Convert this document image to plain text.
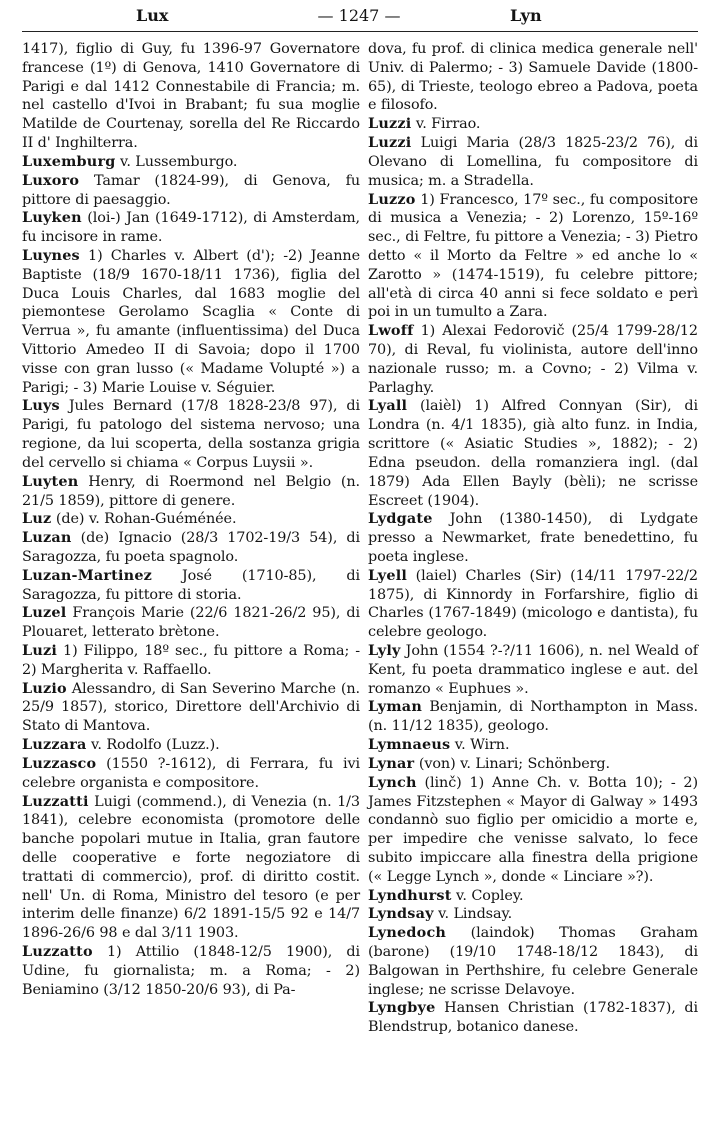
Lux	— 1247 —	Lyn

1417), figlio di Guy, fu 1396-97 Governatore francese (1º) di Genova, 1410 Governatore di Parigi e dal 1412 Connestabile di Francia; m. nel castello d'Ivoi in Brabant; fu sua moglie Matilde de Courtenay, sorella del Re Riccardo II d' Inghilterra.

Luxemburg v. Lussemburgo.

Luxoro Tamar (1824-99), di Genova, fu pittore di paesaggio.

Luyken (loi-) Jan (1649-1712), di Amsterdam, fu incisore in rame.

Luynes 1) Charles v. Albert (d'); -2) Jeanne Baptiste (18/9 1670-18/11 1736), figlia del Duca Louis Charles, dal 1683 moglie del piemontese Gerolamo Scaglia « Conte di Verrua », fu amante (influentissima) del Duca Vittorio Amedeo II di Savoia; dopo il 1700 visse con gran lusso (« Madame Volupté ») a Parigi; - 3) Marie Louise v. Séguier.

Luys Jules Bernard (17/8 1828-23/8 97), di Parigi, fu patologo del sistema nervoso; una regione, da lui scoperta, della sostanza grigia del cervello si chiama « Corpus Luysii ».

Luyten Henry, di Roermond nel Belgio (n. 21/5 1859), pittore di genere.

Luz (de) v. Rohan-Guéménée.

Luzan (de) Ignacio (28/3 1702-19/3 54), di Saragozza, fu poeta spagnolo.

Luzan-Martinez José (1710-85), di Saragozza, fu pittore di storia.

Luzel François Marie (22/6 1821-26/2 95), di Plouaret, letterato brètone.

Luzi 1) Filippo, 18º sec., fu pittore a Roma; - 2) Margherita v. Raffaello.

Luzio Alessandro, di San Severino Marche (n. 25/9 1857), storico, Direttore dell'Archivio di Stato di Mantova.

Luzzara v. Rodolfo (Luzz.).

Luzzasco (1550 ?-1612), di Ferrara, fu ivi celebre organista e compositore.

Luzzatti Luigi (commend.), di Venezia (n. 1/3 1841), celebre economista (promotore delle banche popolari mutue in Italia, gran fautore delle cooperative e forte negoziatore di trattati di commercio), prof. di diritto costit. nell' Un. di Roma, Ministro del tesoro (e per interim delle finanze) 6/2 1891-15/5 92 e 14/7 1896-26/6 98 e dal 3/11 1903.

Luzzatto 1) Attilio (1848-12/5 1900), di Udine, fu giornalista; m. a Roma; - 2) Beniamino (3/12 1850-20/6 93), di Pa-

dova, fu prof. di clinica medica generale nell' Univ. di Palermo; - 3) Samuele Davide (1800-65), di Trieste, teologo ebreo a Padova, poeta e filosofo.

Luzzi v. Firrao.

Luzzi Luigi Maria (28/3 1825-23/2 76), di Olevano di Lomellina, fu compositore di musica; m. a Stradella.

Luzzo 1) Francesco, 17º sec., fu compositore di musica a Venezia; - 2) Lorenzo, 15º-16º sec., di Feltre, fu pittore a Venezia; - 3) Pietro detto « il Morto da Feltre » ed anche lo « Zarotto » (1474-1519), fu celebre pittore; all'età di circa 40 anni si fece soldato e perì poi in un tumulto a Zara.

Lwoff 1) Alexai Fedorovič (25/4 1799-28/12 70), di Reval, fu violinista, autore dell'inno nazionale russo; m. a Covno; - 2) Vilma v. Parlaghy.

Lyall (laièl) 1) Alfred Connyan (Sir), di Londra (n. 4/1 1835), già alto funz. in India, scrittore (« Asiatic Studies », 1882); - 2) Edna pseudon. della romanziera ingl. (dal 1879) Ada Ellen Bayly (bèli); ne scrisse Escreet (1904).

Lydgate John (1380-1450), di Lydgate presso a Newmarket, frate benedettino, fu poeta inglese.

Lyell (laiel) Charles (Sir) (14/11 1797-22/2 1875), di Kinnordy in Forfarshire, figlio di Charles (1767-1849) (micologo e dantista), fu celebre geologo.

Lyly John (1554 ?-?/11 1606), n. nel Weald of Kent, fu poeta drammatico inglese e aut. del romanzo « Euphues ».

Lyman Benjamin, di Northampton in Mass. (n. 11/12 1835), geologo.

Lymnaeus v. Wirn.

Lynar (von) v. Linari; Schönberg.

Lynch (linč) 1) Anne Ch. v. Botta 10); - 2) James Fitzstephen « Mayor di Galway » 1493 condannò suo figlio per omicidio a morte e, per impedire che venisse salvato, lo fece subito impiccare alla finestra della prigione (« Legge Lynch », donde « Linciare »?).

Lyndhurst v. Copley.

Lyndsay v. Lindsay.

Lynedoch (laindok) Thomas Graham (barone) (19/10 1748-18/12 1843), di Balgowan in Perthshire, fu celebre Generale inglese; ne scrisse Delavoye.

Lyngbye Hansen Christian (1782-1837), di Blendstrup, botanico danese.
